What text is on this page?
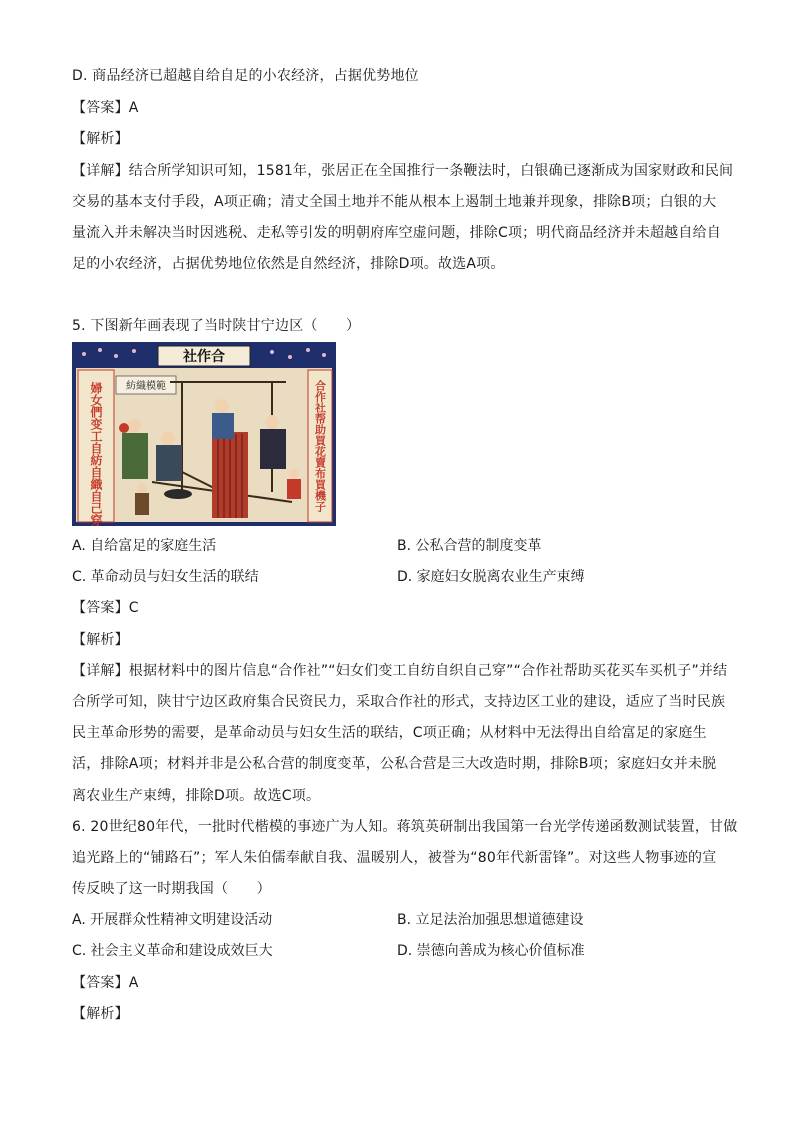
D. 商品经济已超越自给自足的小农经济，占据优势地位
【答案】A
【解析】
【详解】结合所学知识可知，1581年，张居正在全国推行一条鞭法时，白银确已逐渐成为国家财政和民间
交易的基本支付手段，A项正确；清丈全国土地并不能从根本上遏制土地兼并现象，排除B项；白银的大
量流入并未解决当时因逃税、走私等引发的明朝府库空虚问题，排除C项；明代商品经济并未超越自给自
足的小农经济，占据优势地位依然是自然经济，排除D项。故选A项。
5. 下图新年画表现了当时陕甘宁边区（　　）
社作合
婦女們变工自紡自織自己穿	合作社帮助買花賣布買機子
紡織模範
A. 自给富足的家庭生活	B. 公私合营的制度变革
C. 革命动员与妇女生活的联结	D. 家庭妇女脱离农业生产束缚
【答案】C
【解析】
【详解】根据材料中的图片信息“合作社”“妇女们变工自纺自织自己穿”“合作社帮助买花买车买机子”并结
合所学可知，陕甘宁边区政府集合民资民力，采取合作社的形式，支持边区工业的建设，适应了当时民族
民主革命形势的需要，是革命动员与妇女生活的联结，C项正确；从材料中无法得出自给富足的家庭生
活，排除A项；材料并非是公私合营的制度变革，公私合营是三大改造时期，排除B项；家庭妇女并未脱
离农业生产束缚，排除D项。故选C项。
6. 20世纪80年代，一批时代楷模的事迹广为人知。蒋筑英研制出我国第一台光学传递函数测试装置，甘做
追光路上的“铺路石”；军人朱伯儒奉献自我、温暖别人，被誉为“80年代新雷锋”。对这些人物事迹的宣
传反映了这一时期我国（　　）
A. 开展群众性精神文明建设活动	B. 立足法治加强思想道德建设
C. 社会主义革命和建设成效巨大	D. 崇德向善成为核心价值标准
【答案】A
【解析】
